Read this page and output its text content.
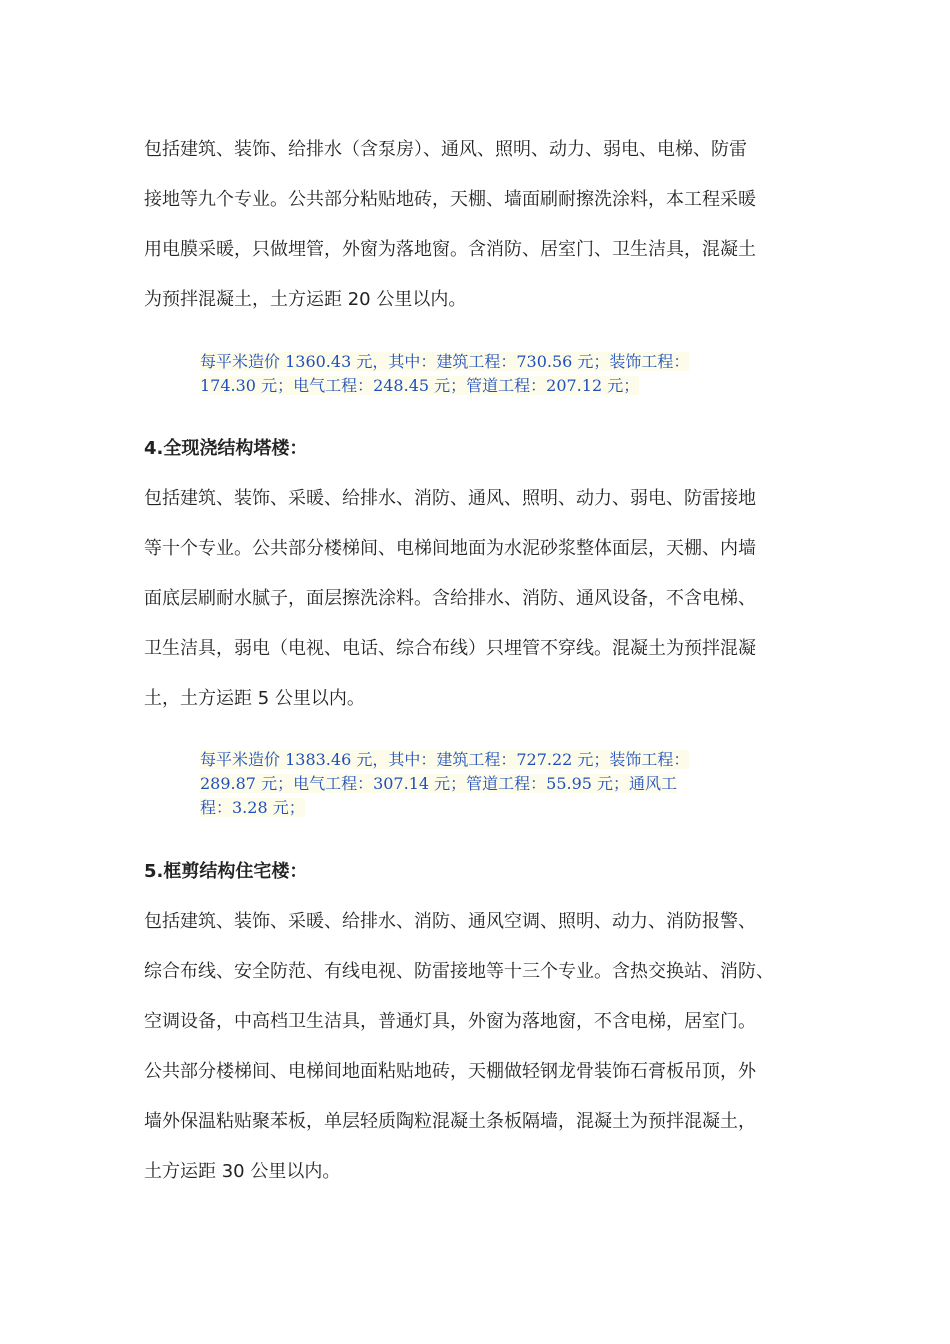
包括建筑、装饰、给排水（含泵房）、通风、照明、动力、弱电、电梯、防雷
接地等九个专业。公共部分粘贴地砖，天棚、墙面刷耐擦洗涂料，本工程采暖
用电膜采暖，只做埋管，外窗为落地窗。含消防、居室门、卫生洁具，混凝土
为预拌混凝土，土方运距 20 公里以内。
每平米造价 1360.43 元，其中：建筑工程：730.56 元；装饰工程：
174.30 元；电气工程：248.45 元；管道工程：207.12 元；
4.全现浇结构塔楼：
包括建筑、装饰、采暖、给排水、消防、通风、照明、动力、弱电、防雷接地
等十个专业。公共部分楼梯间、电梯间地面为水泥砂浆整体面层，天棚、内墙
面底层刷耐水腻子，面层擦洗涂料。含给排水、消防、通风设备，不含电梯、
卫生洁具，弱电（电视、电话、综合布线）只埋管不穿线。混凝土为预拌混凝
土，土方运距 5 公里以内。
每平米造价 1383.46 元，其中：建筑工程：727.22 元；装饰工程：
289.87 元；电气工程：307.14 元；管道工程：55.95 元；通风工
程：3.28 元；
5.框剪结构住宅楼：
包括建筑、装饰、采暖、给排水、消防、通风空调、照明、动力、消防报警、
综合布线、安全防范、有线电视、防雷接地等十三个专业。含热交换站、消防、
空调设备，中高档卫生洁具，普通灯具，外窗为落地窗，不含电梯，居室门。
公共部分楼梯间、电梯间地面粘贴地砖，天棚做轻钢龙骨装饰石膏板吊顶，外
墙外保温粘贴聚苯板，单层轻质陶粒混凝土条板隔墙，混凝土为预拌混凝土，
土方运距 30 公里以内。
